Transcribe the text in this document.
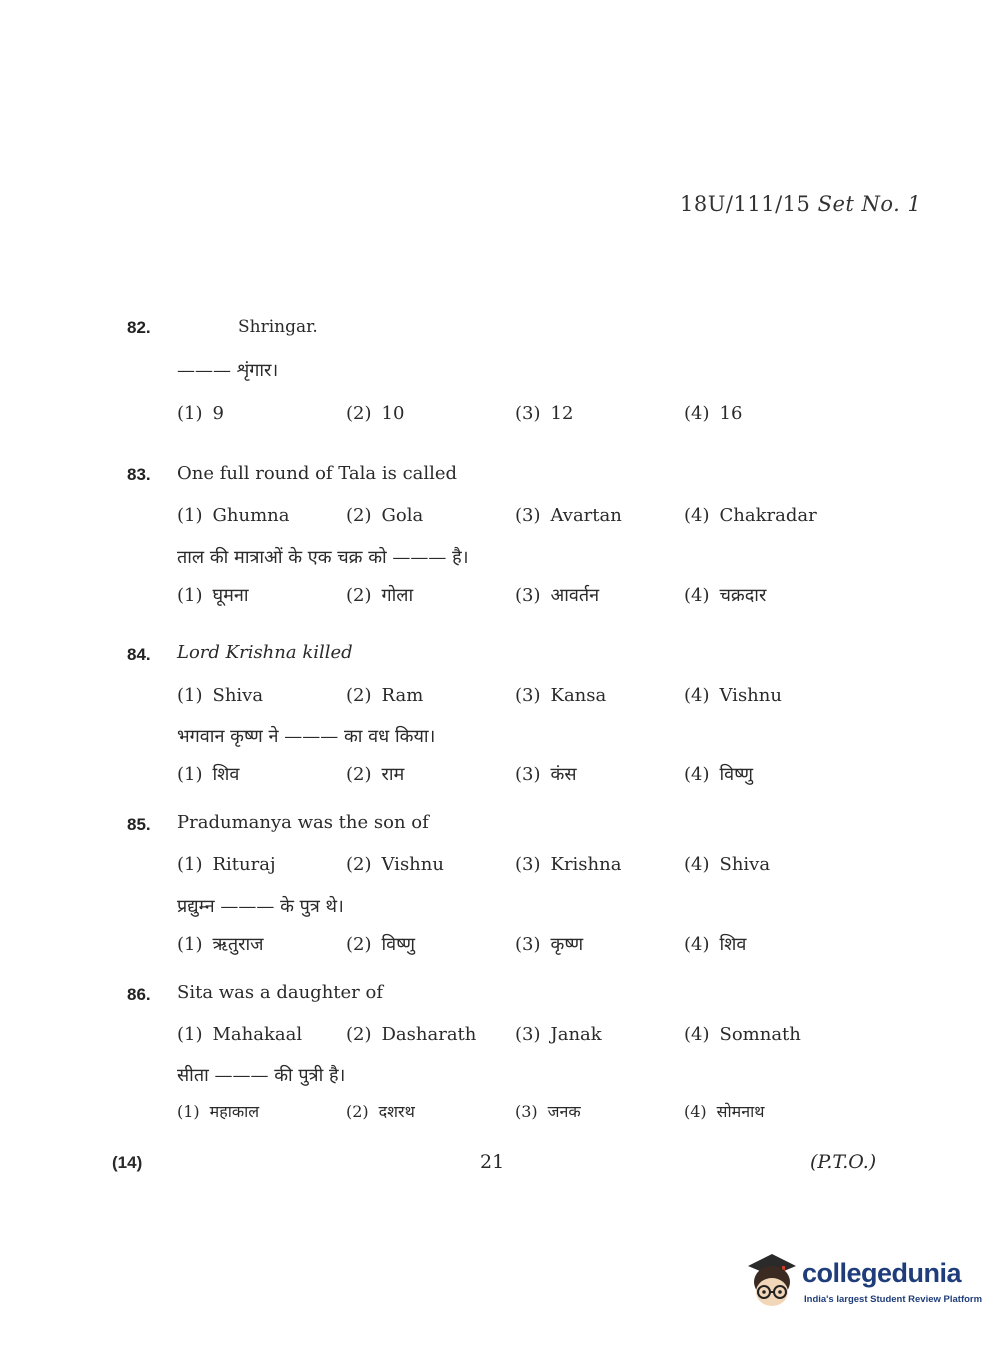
18U/111/15 Set No. 1
82.	Shringar.
——— शृंगार।
(1) 9	(2) 10	(3) 12	(4) 16
83. One full round of Tala is called
(1) Ghumna	(2) Gola	(3) Avartan	(4) Chakradar
ताल की मात्राओं के एक चक्र को ——— है।
(1) घूमना	(2) गोला	(3) आवर्तन	(4) चक्रदार
84. Lord Krishna killed
(1) Shiva	(2) Ram	(3) Kansa	(4) Vishnu
भगवान कृष्ण ने ——— का वध किया।
(1) शिव	(2) राम	(3) कंस	(4) विष्णु
85. Pradumanya was the son of
(1) Rituraj	(2) Vishnu	(3) Krishna	(4) Shiva
प्रद्युम्न ——— के पुत्र थे।
(1) ऋतुराज	(2) विष्णु	(3) कृष्ण	(4) शिव
86. Sita was a daughter of
(1) Mahakaal (2) Dasharath (3) Janak	(4) Somnath
सीता ——— की पुत्री है।
(1) महाकाल	(2) दशरथ	(3) जनक	(4) सोमनाथ
(14)	21	(P.T.O.)
collegedunia
India's largest Student Review Platform
